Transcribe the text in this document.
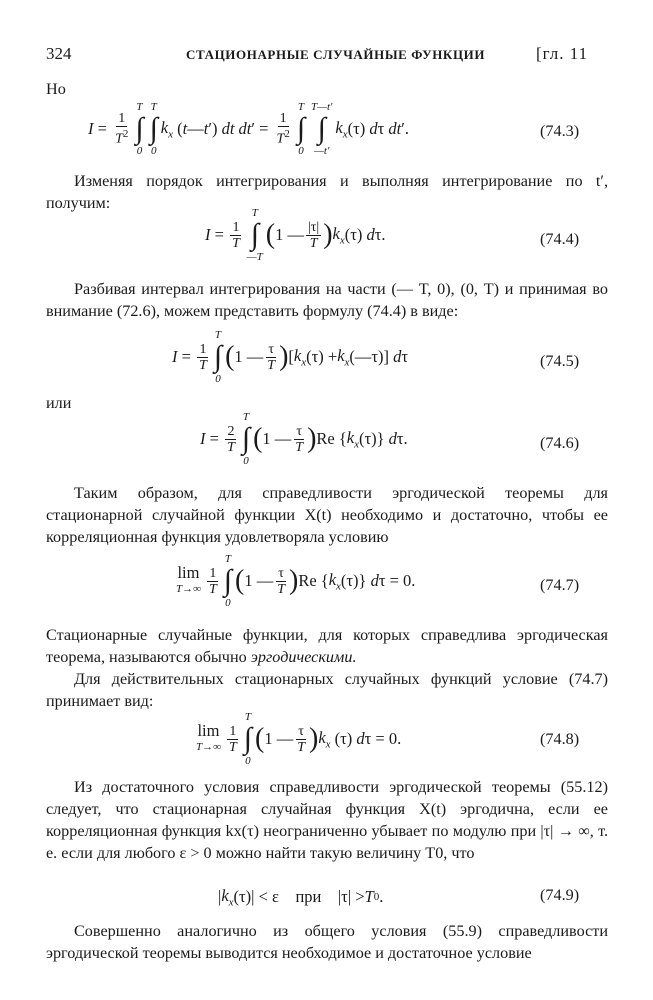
324	СТАЦИОНАРНЫЕ СЛУЧАЙНЫЕ ФУНКЦИИ	[гл. 11
Но
$I = \frac{1}{T^2}$
T
∫
0
T
∫
0
$k_x$ ( t — t ′) dt dt ′ = $\frac{1}{T^2}$
T
∫
0
T—t′
∫
—t′
$k_x$ (τ) d τ dt ′.	(74.3)

Изменяя порядок интегрирования и выполняя интегрирование по t′, получим:

$I = \frac{1}{T}$
T
∫
—T
( 1 — $\frac{|\tau|}{T}$ ) $k_x$ (τ) d τ.	(74.4)

Разбивая интервал интегрирования на части (— T, 0), (0, T) и принимая во внимание (72.6), можем представить формулу (74.4) в виде:

$I = \frac{1}{T}$
T
∫
0
( 1 — $\frac{\tau}{T}$ ) [ $k_x$ $(\tau) + k_x$ (—τ)] d τ	(74.5)
или
$I = \frac{2}{T}$
T
∫
0
( 1 — $\frac{\tau}{T}$ ) Re { $k_x$ (τ)} d τ.	(74.6)

Таким образом, для справедливости эргодической теоремы для стационарной случайной функции X(t) необходимо и достаточно, чтобы ее корреляционная функция удовлетворяла условию

lim
$T\to\infty \frac{1}{T}$
T
∫
0
( 1 — $\frac{\tau}{T}$ ) Re { $k_x$ (τ)} d τ = 0.	(74.7)

Стационарные случайные функции, для которых справедлива эргодическая теорема, называются обычно эргодическими.

Для действительных стационарных случайных функций условие (74.7) принимает вид:

lim
$T\to\infty \frac{1}{T}$
T
∫
0
( 1 — $\frac{\tau}{T}$ ) $k_x$ (τ) d τ = 0.	(74.8)

Из достаточного условия справедливости эргодической теоремы (55.12) следует, что стационарная случайная функция X(t) эргодична, если ее корреляционная функция kx(τ) неограниченно убывает по модулю при |τ| → ∞, т. е. если для любого ε > 0 можно найти такую величину T0, что

| $k_x$ (τ)| < ε    при    |τ| > T 0 .	(74.9)

Совершенно аналогично из общего условия (55.9) справедливости эргодической теоремы выводится необходимое и достаточное условие
